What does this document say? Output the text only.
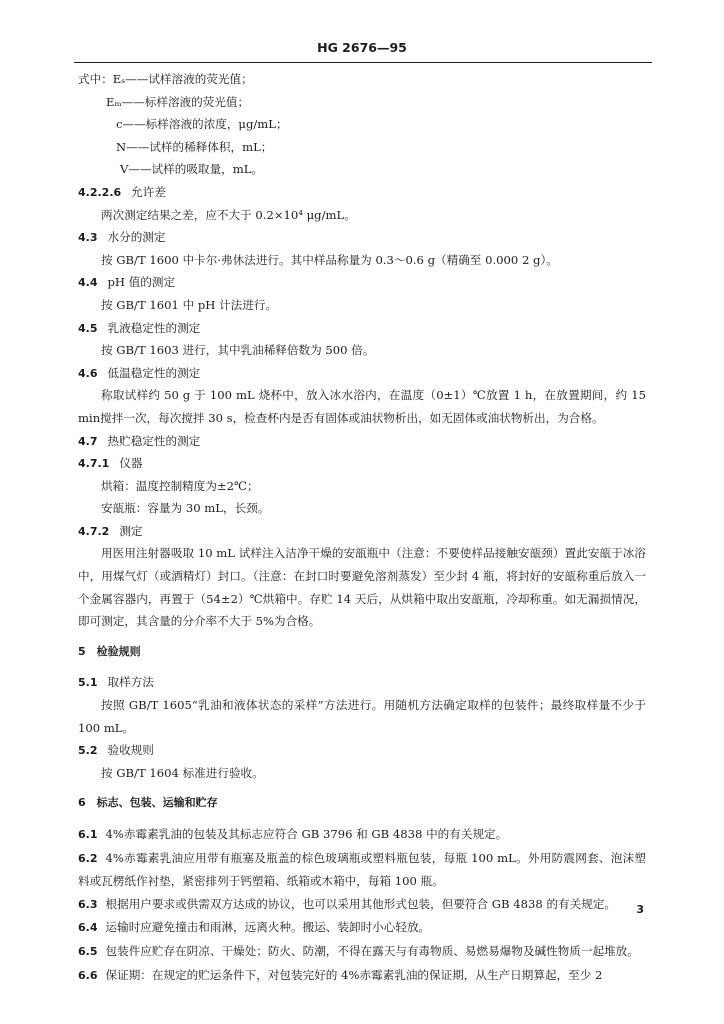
HG 2676—95
式中：Eₛ——试样溶液的荧光值；
Eₘ——标样溶液的荧光值；
c——标样溶液的浓度，μg/mL；
N——试样的稀释体积，mL；
V——试样的吸取量，mL。
4.2.2.6 允许差
两次测定结果之差，应不大于 0.2×10⁴ μg/mL。
4.3 水分的测定
按 GB/T 1600 中卡尔·弗休法进行。其中样品称量为 0.3～0.6 g（精确至 0.000 2 g）。
4.4 pH 值的测定
按 GB/T 1601 中 pH 计法进行。
4.5 乳液稳定性的测定
按 GB/T 1603 进行，其中乳油稀释倍数为 500 倍。
4.6 低温稳定性的测定
称取试样约 50 g 于 100 mL 烧杯中，放入冰水浴内，在温度（0±1）℃放置 1 h，在放置期间，约 15 min搅拌一次，每次搅拌 30 s，检查杯内是否有固体或油状物析出，如无固体或油状物析出，为合格。
4.7 热贮稳定性的测定
4.7.1 仪器
烘箱：温度控制精度为±2℃；
安瓿瓶：容量为 30 mL，长颈。
4.7.2 测定
用医用注射器吸取 10 mL 试样注入洁净干燥的安瓿瓶中（注意：不要使样品接触安瓿颈）置此安瓿于冰浴中，用煤气灯（或酒精灯）封口。（注意：在封口时要避免溶剂蒸发）至少封 4 瓶，将封好的安瓿称重后放入一个金属容器内，再置于（54±2）℃烘箱中。存贮 14 天后，从烘箱中取出安瓿瓶，冷却称重。如无漏损情况，即可测定，其含量的分介率不大于 5%为合格。
5　检验规则
5.1 取样方法
按照 GB/T 1605“乳油和液体状态的采样”方法进行。用随机方法确定取样的包装件；最终取样量不少于 100 mL。
5.2 验收规则
按 GB/T 1604 标准进行验收。
6　标志、包装、运输和贮存
6.1 4%赤霉素乳油的包装及其标志应符合 GB 3796 和 GB 4838 中的有关规定。
6.2 4%赤霉素乳油应用带有瓶塞及瓶盖的棕色玻璃瓶或塑料瓶包装，每瓶 100 mL。外用防震网套、泡沫塑料或瓦楞纸作衬垫，紧密排列于钙塑箱、纸箱或木箱中，每箱 100 瓶。
6.3 根据用户要求或供需双方达成的协议，也可以采用其他形式包装，但要符合 GB 4838 的有关规定。
6.4 运输时应避免撞击和雨淋，远离火种。搬运、装卸时小心轻放。
6.5 包装件应贮存在阴凉、干燥处；防火、防潮，不得在露天与有毒物质、易燃易爆物及碱性物质一起堆放。
6.6 保证期：在规定的贮运条件下，对包装完好的 4%赤霉素乳油的保证期，从生产日期算起，至少 2
3
